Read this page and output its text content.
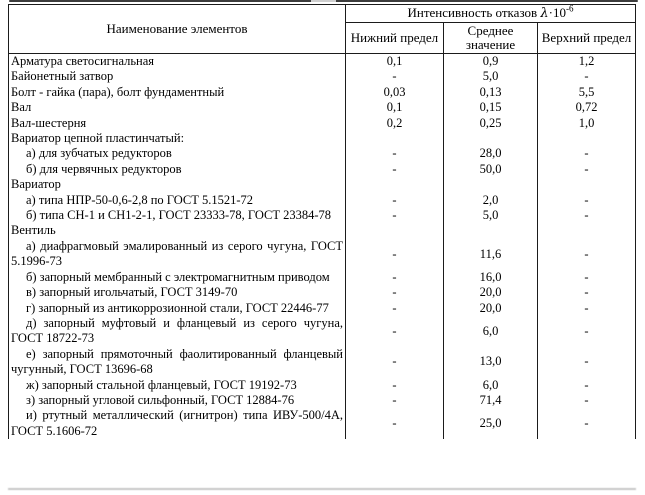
Наименование элементов	Интенсивность отказов $\lambda\cdot 10^{-6}$
	Нижний предел	Среднее значение	Верхний предел
Арматура светосигнальная	0,1	0,9	1,2
Байонетный затвор	-	5,0	-
Болт - гайка (пара), болт фундаментный	0,03	0,13	5,5
Вал	0,1	0,15	0,72
Вал-шестерня	0,2	0,25	1,0
Вариатор цепной пластинчатый:			
а) для зубчатых редукторов	-	28,0	-
б) для червячных редукторов	-	50,0	-
Вариатор			
а) типа НПР-50-0,6-2,8 по ГОСТ 5.1521-72	-	2,0	-
б) типа СН-1 и СН1-2-1, ГОСТ 23333-78, ГОСТ 23384-78	-	5,0	-
Вентиль			
а) диафрагмовый эмалированный из серого чугуна, ГОСТ 5.1996-73	-	11,6	-
б) запорный мембранный с электромагнитным приводом	-	16,0	-
в) запорный игольчатый, ГОСТ 3149-70	-	20,0	-
г) запорный из антикоррозионной стали, ГОСТ 22446-77	-	20,0	-
д) запорный муфтовый и фланцевый из серого чугуна, ГОСТ 18722-73	-	6,0	-
е) запорный прямоточный фаолитированный фланцевый чугунный, ГОСТ 13696-68	-	13,0	-
ж) запорный стальной фланцевый, ГОСТ 19192-73	-	6,0	-
з) запорный угловой сильфонный, ГОСТ 12884-76	-	71,4	-
и) ртутный металлический (игнитрон) типа ИВУ-500/4А, ГОСТ 5.1606-72	-	25,0	-
